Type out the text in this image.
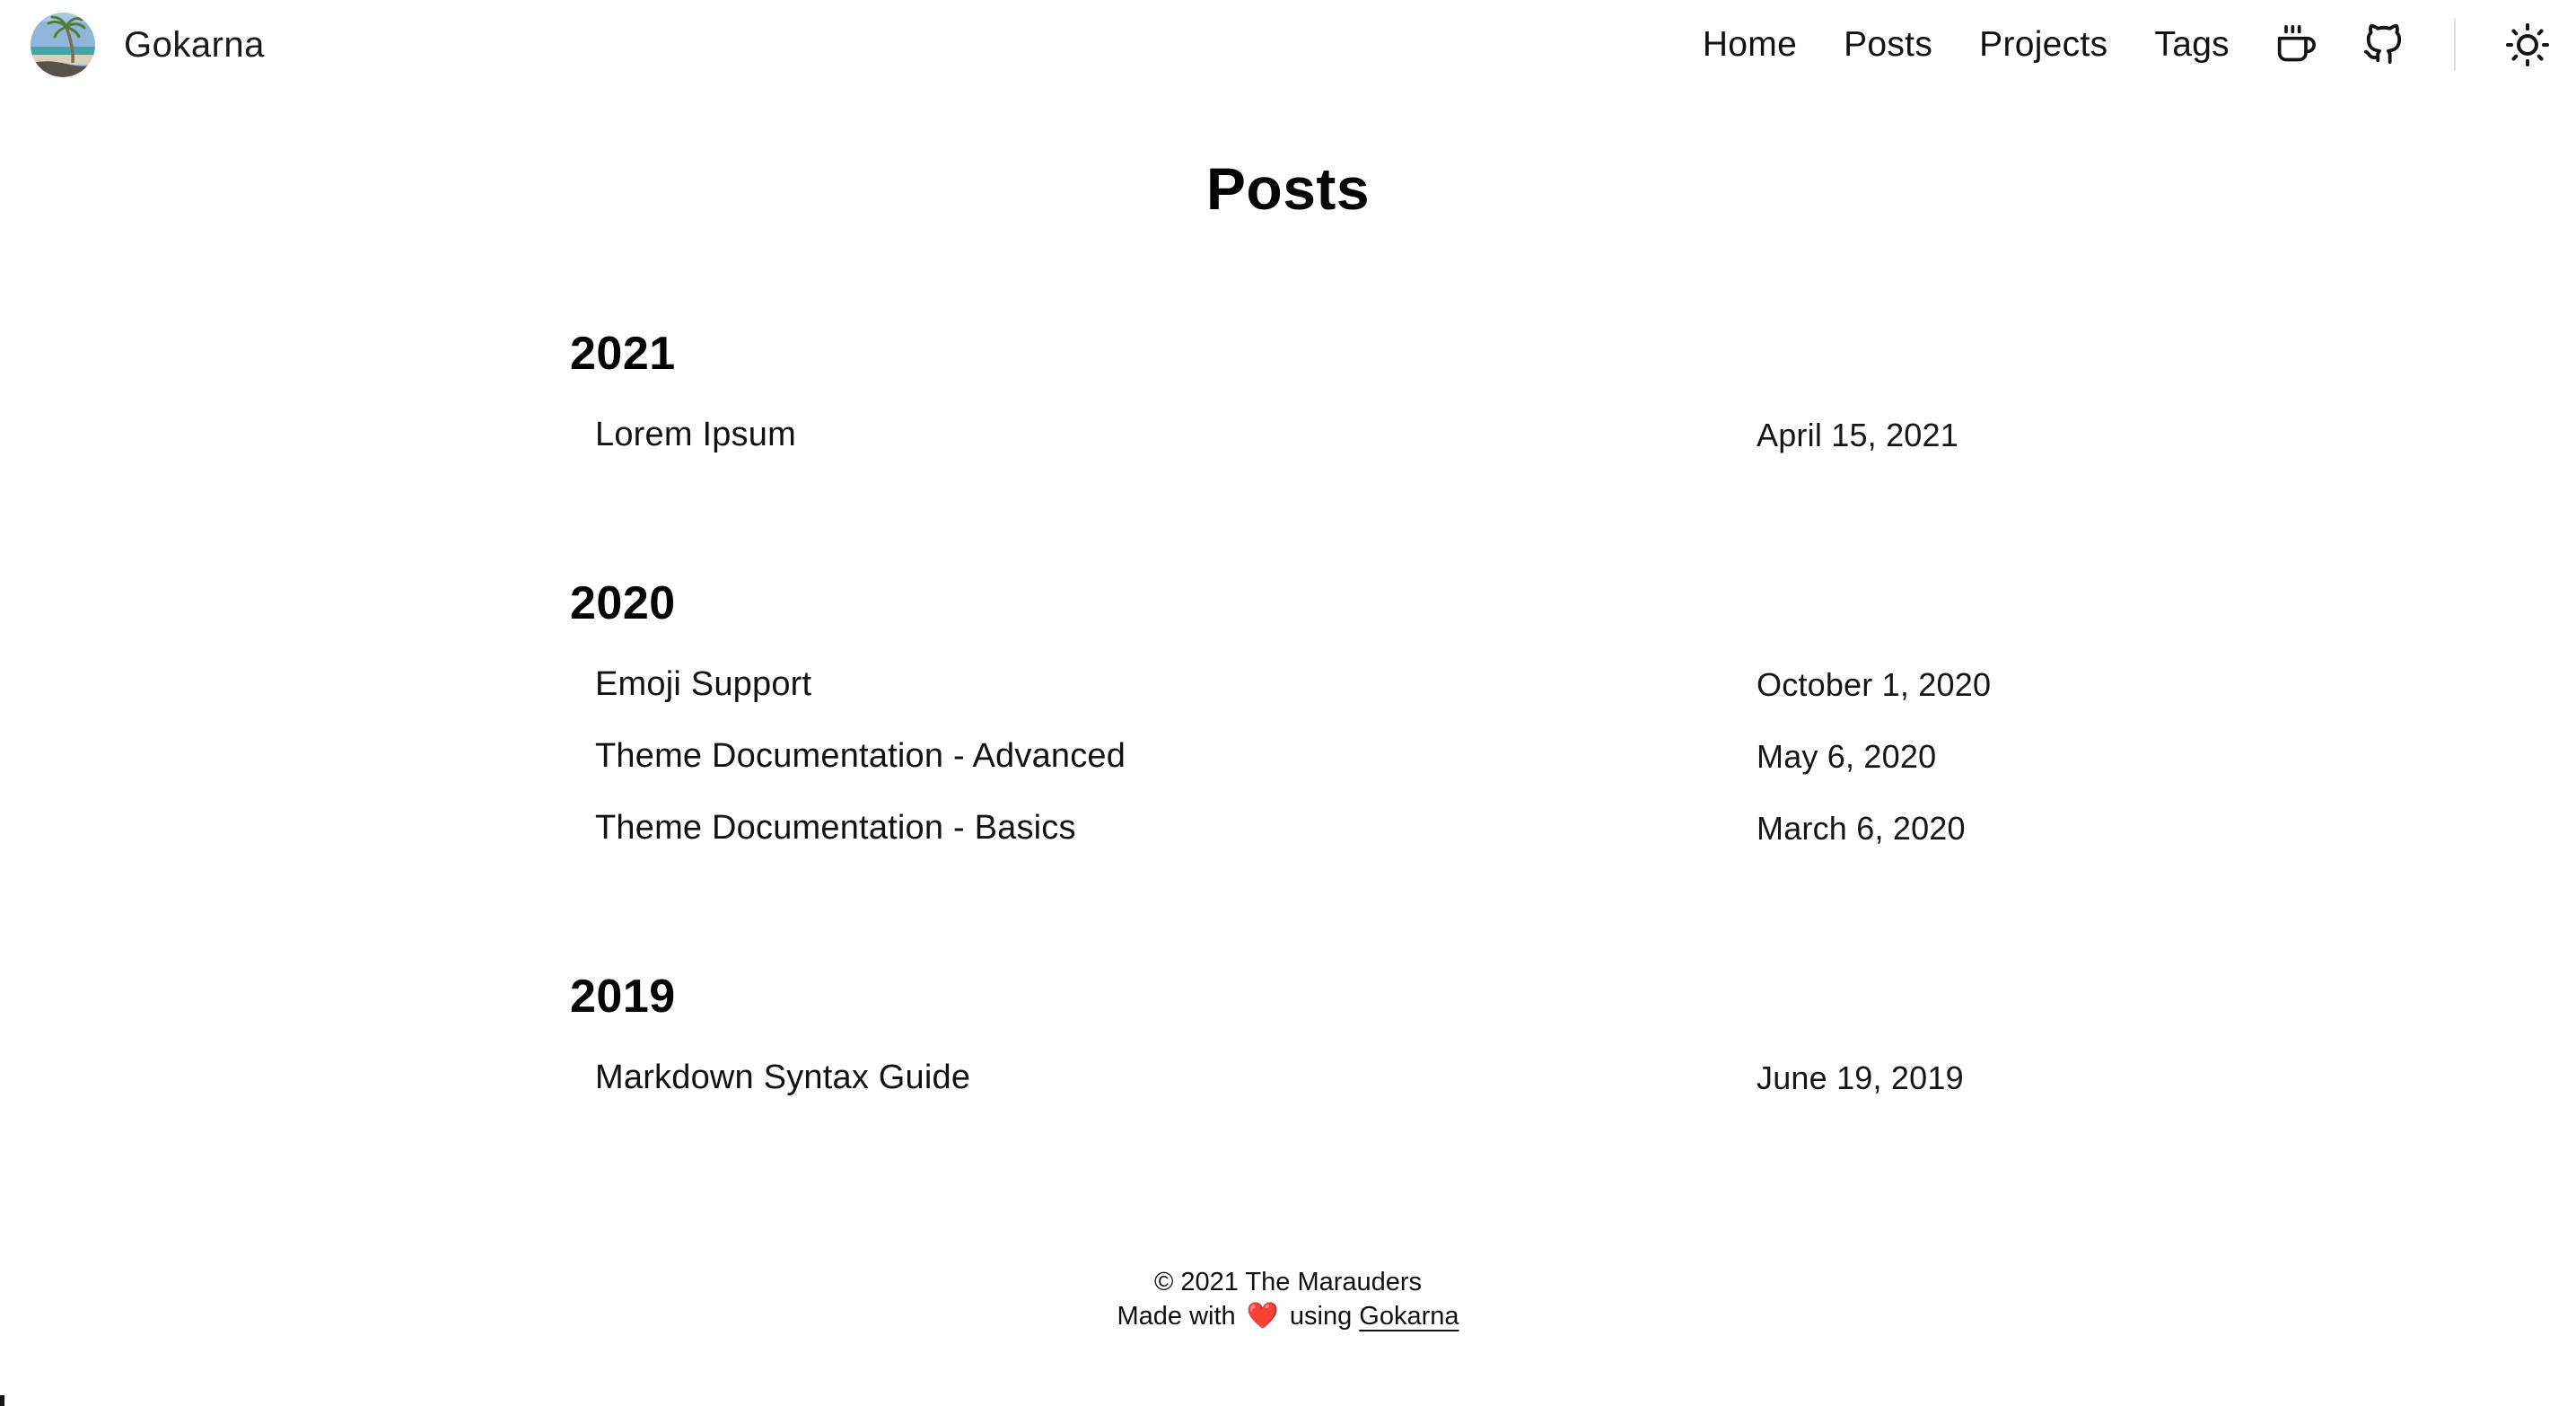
Gokarna	Home Posts Projects Tags
Posts
2021
Lorem Ipsum	April 15, 2021
2020
Emoji Support	October 1, 2020
Theme Documentation - Advanced	May 6, 2020
Theme Documentation - Basics	March 6, 2020
2019
Markdown Syntax Guide	June 19, 2019
© 2021 The Marauders
Made with ❤️ using Gokarna
